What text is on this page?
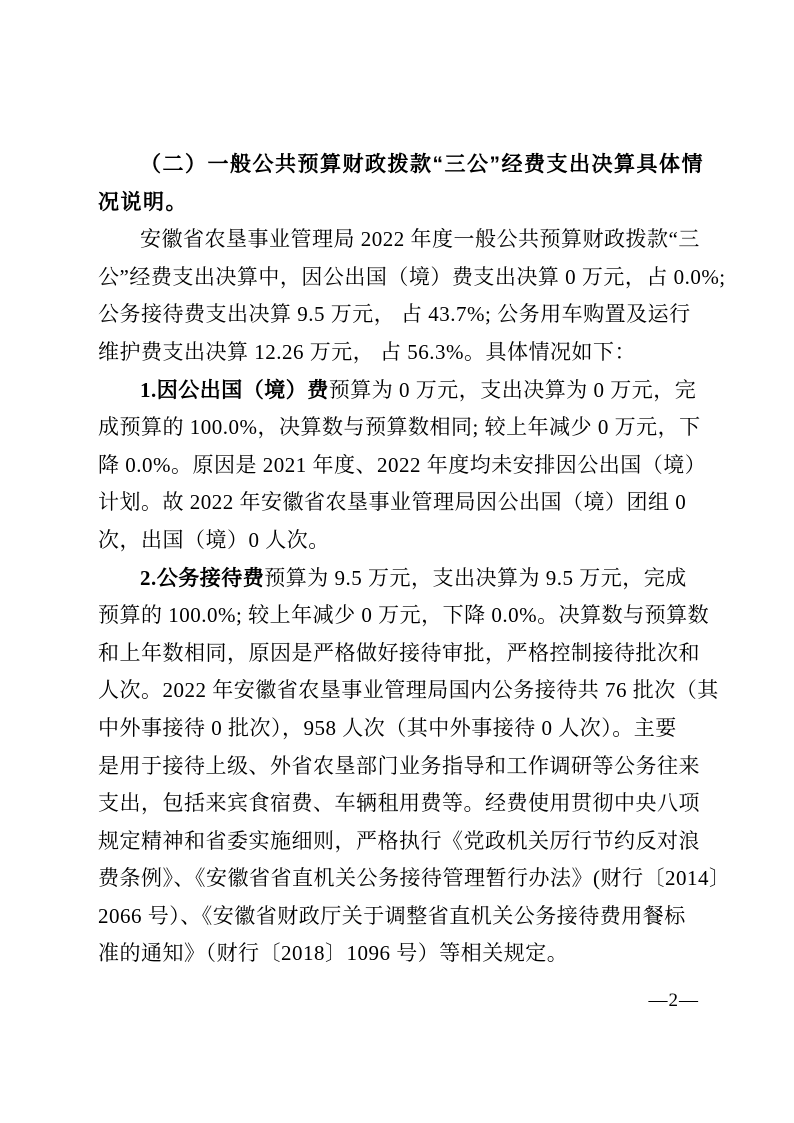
（二）一般公共预算财政拨款“三公”经费支出决算具体情
况说明。
安徽省农垦事业管理局 2022 年度一般公共预算财政拨款“三
公”经费支出决算中，因公出国（境）费支出决算 0 万元，占 0.0%;
公务接待费支出决算 9.5 万元， 占 43.7%; 公务用车购置及运行
维护费支出决算 12.26 万元， 占 56.3%。具体情况如下：
1.因公出国（境）费预算为 0 万元，支出决算为 0 万元，完
成预算的 100.0%，决算数与预算数相同; 较上年减少 0 万元，下
降 0.0%。原因是 2021 年度、2022 年度均未安排因公出国（境）
计划。故 2022 年安徽省农垦事业管理局因公出国（境）团组 0
次，出国（境）0 人次。
2.公务接待费预算为 9.5 万元，支出决算为 9.5 万元，完成
预算的 100.0%; 较上年减少 0 万元，下降 0.0%。决算数与预算数
和上年数相同，原因是严格做好接待审批，严格控制接待批次和
人次。2022 年安徽省农垦事业管理局国内公务接待共 76 批次（其
中外事接待 0 批次），958 人次（其中外事接待 0 人次）。主要
是用于接待上级、外省农垦部门业务指导和工作调研等公务往来
支出，包括来宾食宿费、车辆租用费等。经费使用贯彻中央八项
规定精神和省委实施细则，严格执行《党政机关厉行节约反对浪
费条例》、《安徽省省直机关公务接待管理暂行办法》(财行〔2014〕
2066 号）、《安徽省财政厅关于调整省直机关公务接待费用餐标
准的通知》（财行〔2018〕1096 号）等相关规定。
—2—
